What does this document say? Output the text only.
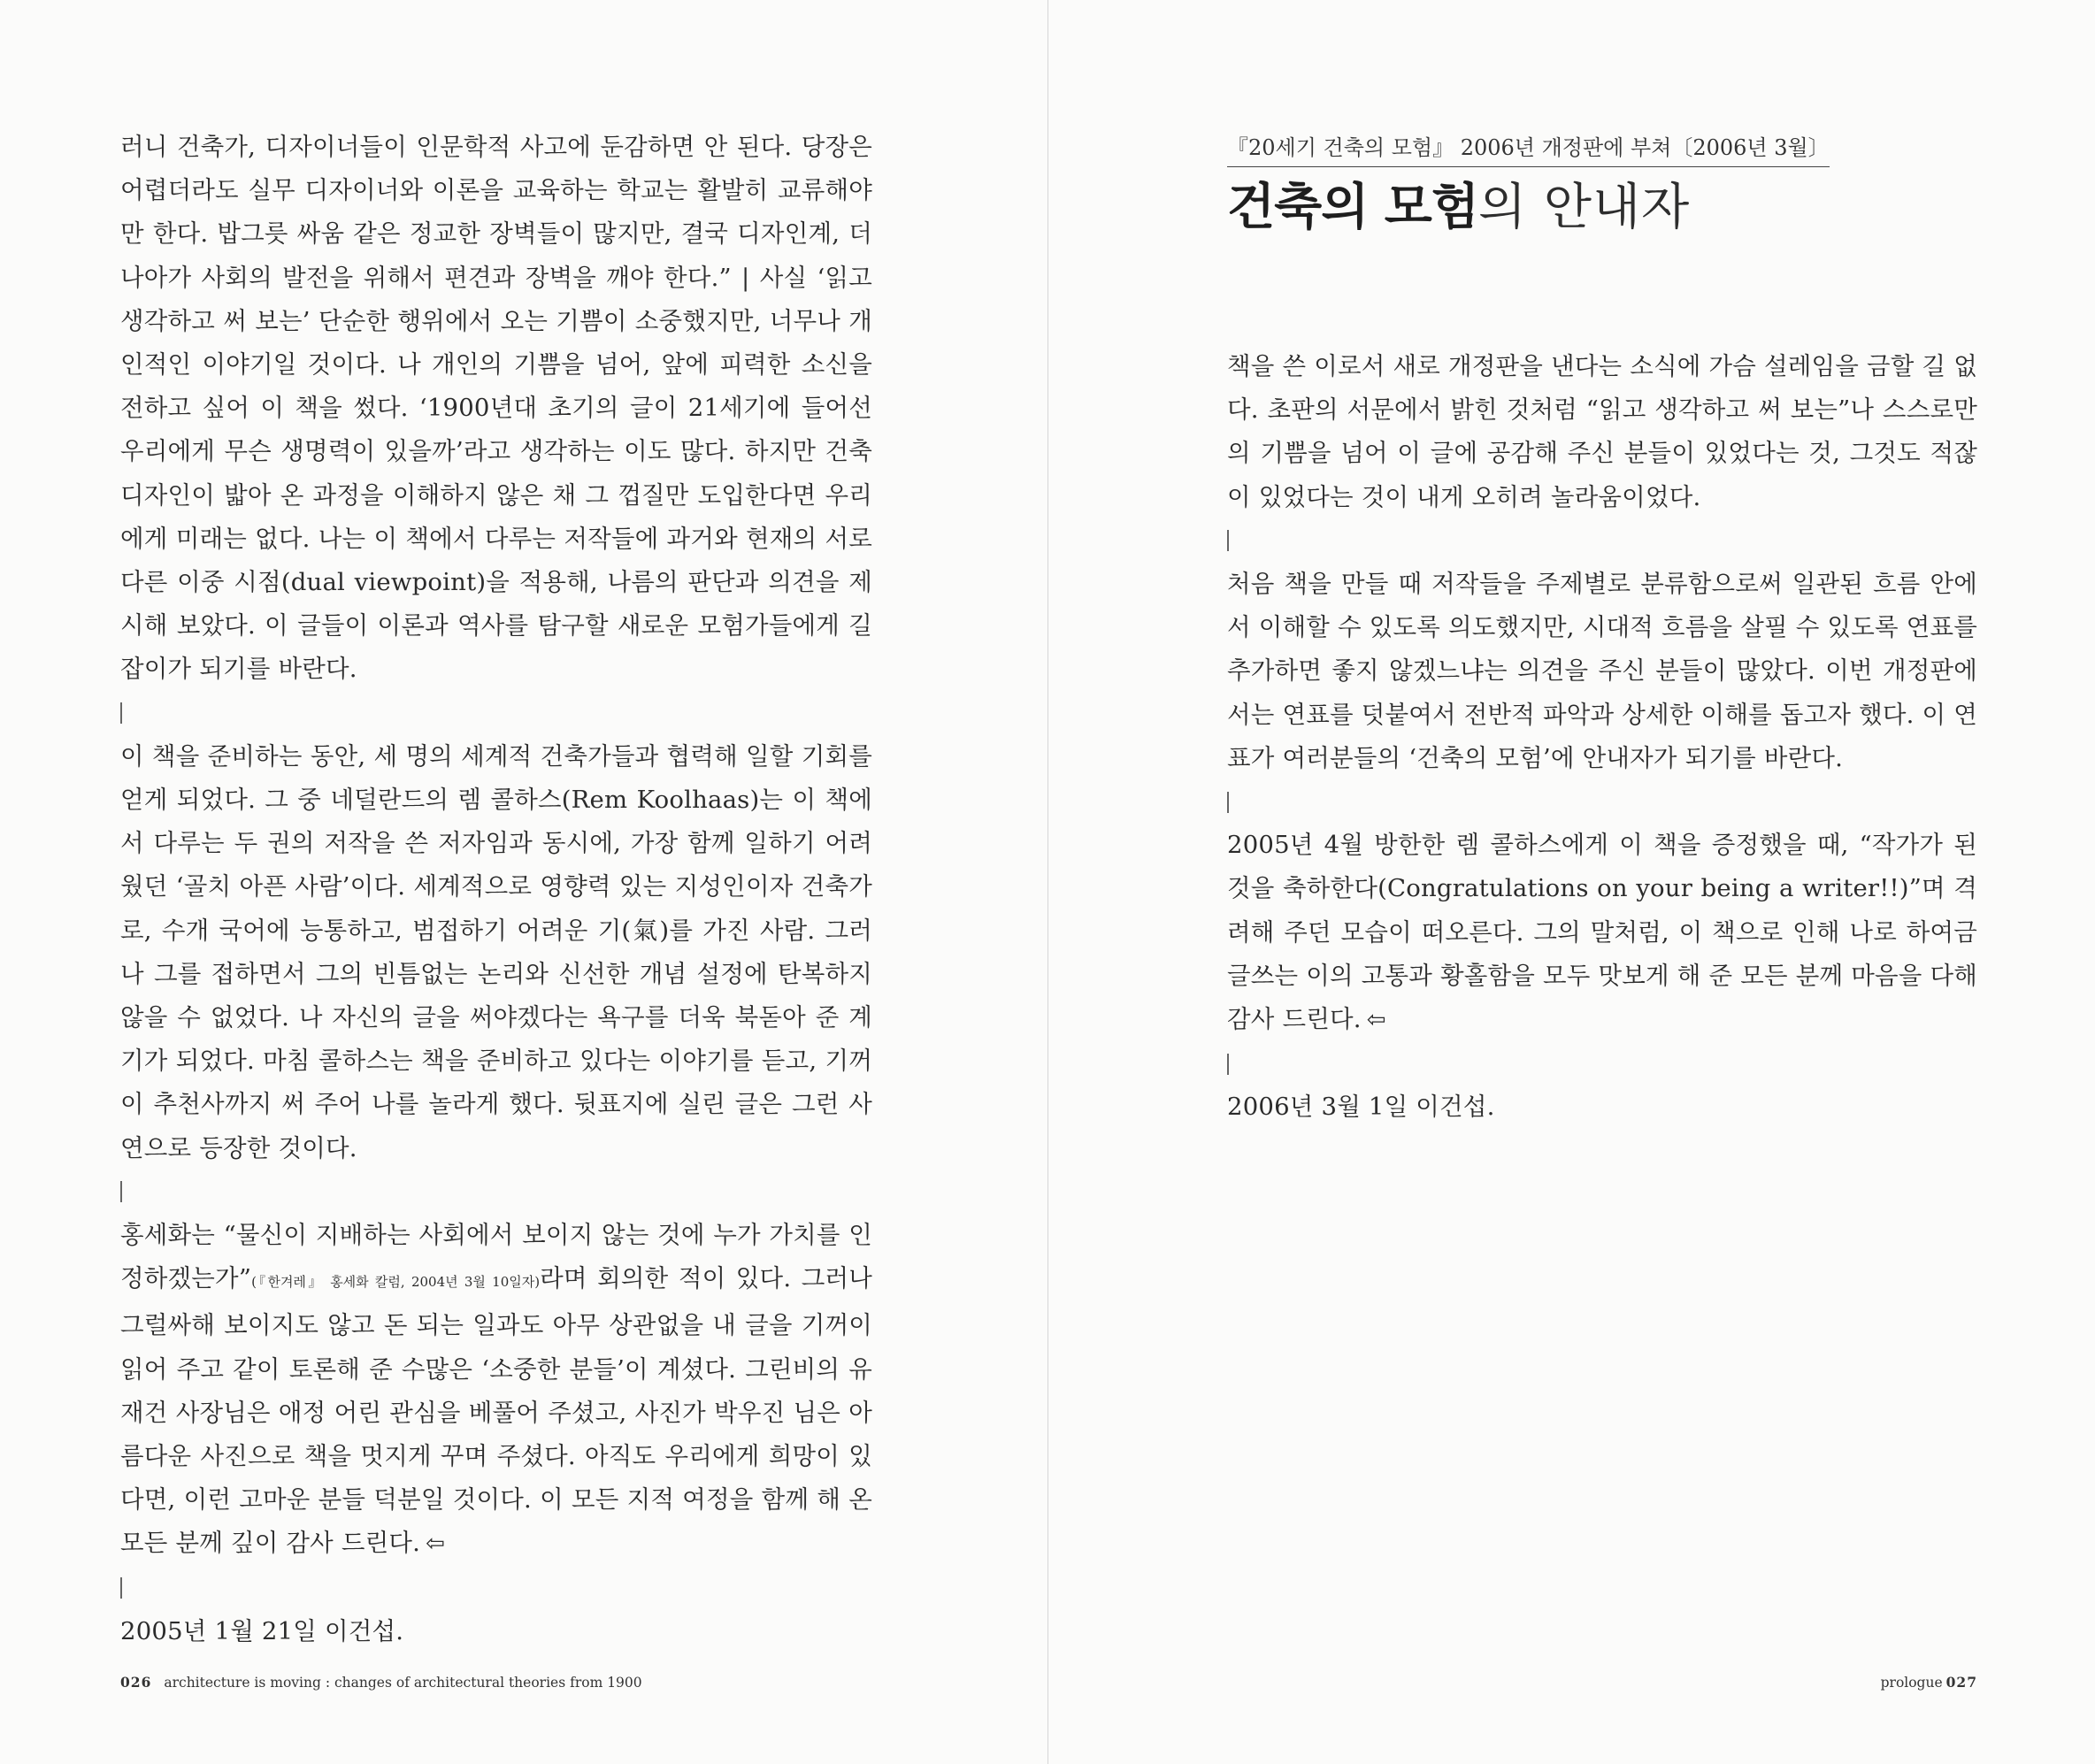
러니 건축가, 디자이너들이 인문학적 사고에 둔감하면 안 된다. 당장은 어렵더라도 실무 디자이너와 이론을 교육하는 학교는 활발히 교류해야만 한다. 밥그릇 싸움 같은 정교한 장벽들이 많지만, 결국 디자인계, 더 나아가 사회의 발전을 위해서 편견과 장벽을 깨야 한다.” | 사실 ‘읽고 생각하고 써 보는’ 단순한 행위에서 오는 기쁨이 소중했지만, 너무나 개인적인 이야기일 것이다. 나 개인의 기쁨을 넘어, 앞에 피력한 소신을 전하고 싶어 이 책을 썼다. ‘1900년대 초기의 글이 21세기에 들어선 우리에게 무슨 생명력이 있을까’라고 생각하는 이도 많다. 하지만 건축 디자인이 밟아 온 과정을 이해하지 않은 채 그 껍질만 도입한다면 우리에게 미래는 없다. 나는 이 책에서 다루는 저작들에 과거와 현재의 서로 다른 이중 시점(dual viewpoint)을 적용해, 나름의 판단과 의견을 제시해 보았다. 이 글들이 이론과 역사를 탐구할 새로운 모험가들에게 길잡이가 되기를 바란다.

이 책을 준비하는 동안, 세 명의 세계적 건축가들과 협력해 일할 기회를 얻게 되었다. 그 중 네덜란드의 렘 콜하스(Rem Koolhaas)는 이 책에서 다루는 두 권의 저작을 쓴 저자임과 동시에, 가장 함께 일하기 어려웠던 ‘골치 아픈 사람’이다. 세계적으로 영향력 있는 지성인이자 건축가로, 수개 국어에 능통하고, 범접하기 어려운 기(氣)를 가진 사람. 그러나 그를 접하면서 그의 빈틈없는 논리와 신선한 개념 설정에 탄복하지 않을 수 없었다. 나 자신의 글을 써야겠다는 욕구를 더욱 북돋아 준 계기가 되었다. 마침 콜하스는 책을 준비하고 있다는 이야기를 듣고, 기꺼이 추천사까지 써 주어 나를 놀라게 했다. 뒷표지에 실린 글은 그런 사연으로 등장한 것이다.

홍세화는 “물신이 지배하는 사회에서 보이지 않는 것에 누가 가치를 인정하겠는가”(『한겨레』 홍세화 칼럼, 2004년 3월 10일자)라며 회의한 적이 있다. 그러나 그럴싸해 보이지도 않고 돈 되는 일과도 아무 상관없을 내 글을 기꺼이 읽어 주고 같이 토론해 준 수많은 ‘소중한 분들’이 계셨다. 그린비의 유재건 사장님은 애정 어린 관심을 베풀어 주셨고, 사진가 박우진 님은 아름다운 사진으로 책을 멋지게 꾸며 주셨다. 아직도 우리에게 희망이 있다면, 이런 고마운 분들 덕분일 것이다. 이 모든 지적 여정을 함께 해 온 모든 분께 깊이 감사 드린다. ⇦

2005년 1월 21일 이건섭.

026 architecture is moving : changes of architectural theories from 1900
『20세기 건축의 모험』 2006년 개정판에 부쳐〔2006년 3월〕
건축의 모험의 안내자

책을 쓴 이로서 새로 개정판을 낸다는 소식에 가슴 설레임을 금할 길 없다. 초판의 서문에서 밝힌 것처럼 “읽고 생각하고 써 보는”나 스스로만의 기쁨을 넘어 이 글에 공감해 주신 분들이 있었다는 것, 그것도 적잖이 있었다는 것이 내게 오히려 놀라움이었다.

처음 책을 만들 때 저작들을 주제별로 분류함으로써 일관된 흐름 안에서 이해할 수 있도록 의도했지만, 시대적 흐름을 살필 수 있도록 연표를 추가하면 좋지 않겠느냐는 의견을 주신 분들이 많았다. 이번 개정판에서는 연표를 덧붙여서 전반적 파악과 상세한 이해를 돕고자 했다. 이 연표가 여러분들의 ‘건축의 모험’에 안내자가 되기를 바란다.

2005년 4월 방한한 렘 콜하스에게 이 책을 증정했을 때, “작가가 된 것을 축하한다(Congratulations on your being a writer!!)”며 격려해 주던 모습이 떠오른다. 그의 말처럼, 이 책으로 인해 나로 하여금 글쓰는 이의 고통과 황홀함을 모두 맛보게 해 준 모든 분께 마음을 다해 감사 드린다. ⇦

2006년 3월 1일 이건섭.

prologue 027
